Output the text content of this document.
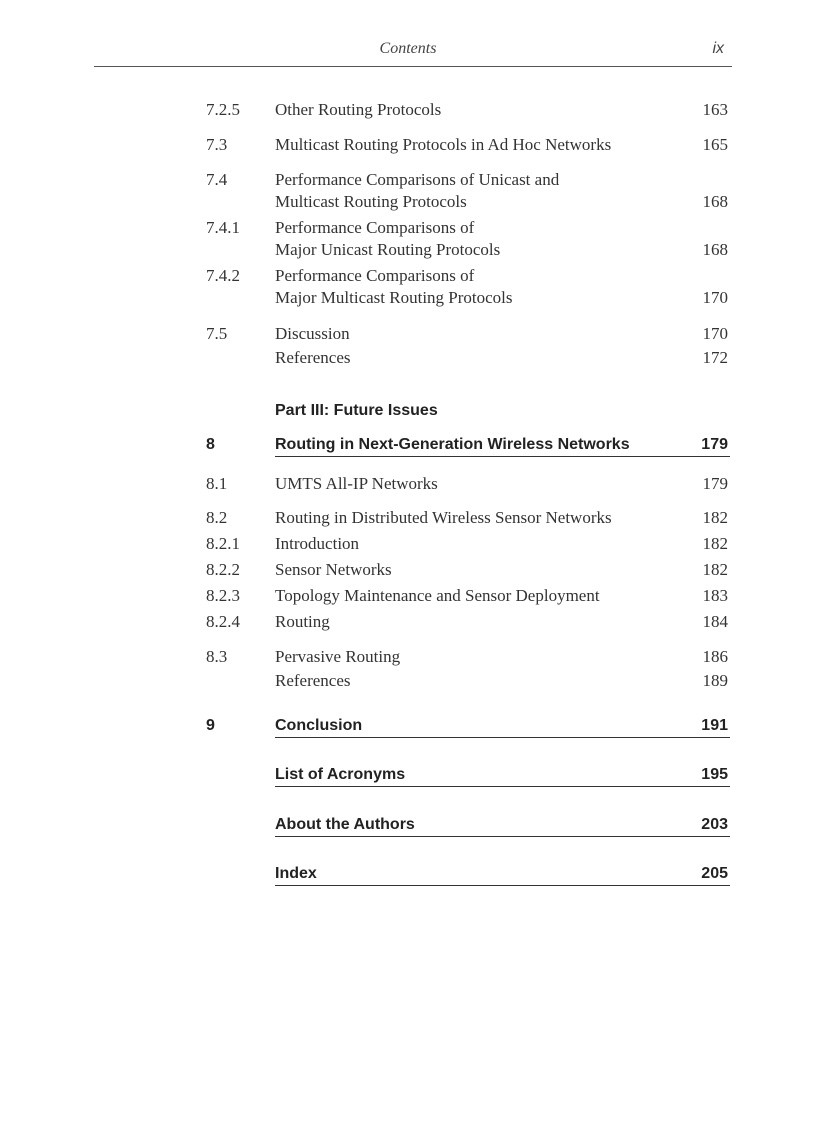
Contents	ix
7.2.5 Other Routing Protocols	163
7.3	Multicast Routing Protocols in Ad Hoc Networks	165
7.4	Performance Comparisons of Unicast and
Multicast Routing Protocols	168
7.4.1 Performance Comparisons of
Major Unicast Routing Protocols	168
7.4.2 Performance Comparisons of
Major Multicast Routing Protocols	170
7.5	Discussion	170
References	172
Part III: Future Issues
8	Routing in Next-Generation Wireless Networks	179
8.1	UMTS All-IP Networks	179
8.2	Routing in Distributed Wireless Sensor Networks	182
8.2.1 Introduction	182
8.2.2 Sensor Networks	182
8.2.3 Topology Maintenance and Sensor Deployment	183
8.2.4 Routing	184
8.3	Pervasive Routing	186
References	189
9	Conclusion	191
List of Acronyms	195
About the Authors	203
Index	205
